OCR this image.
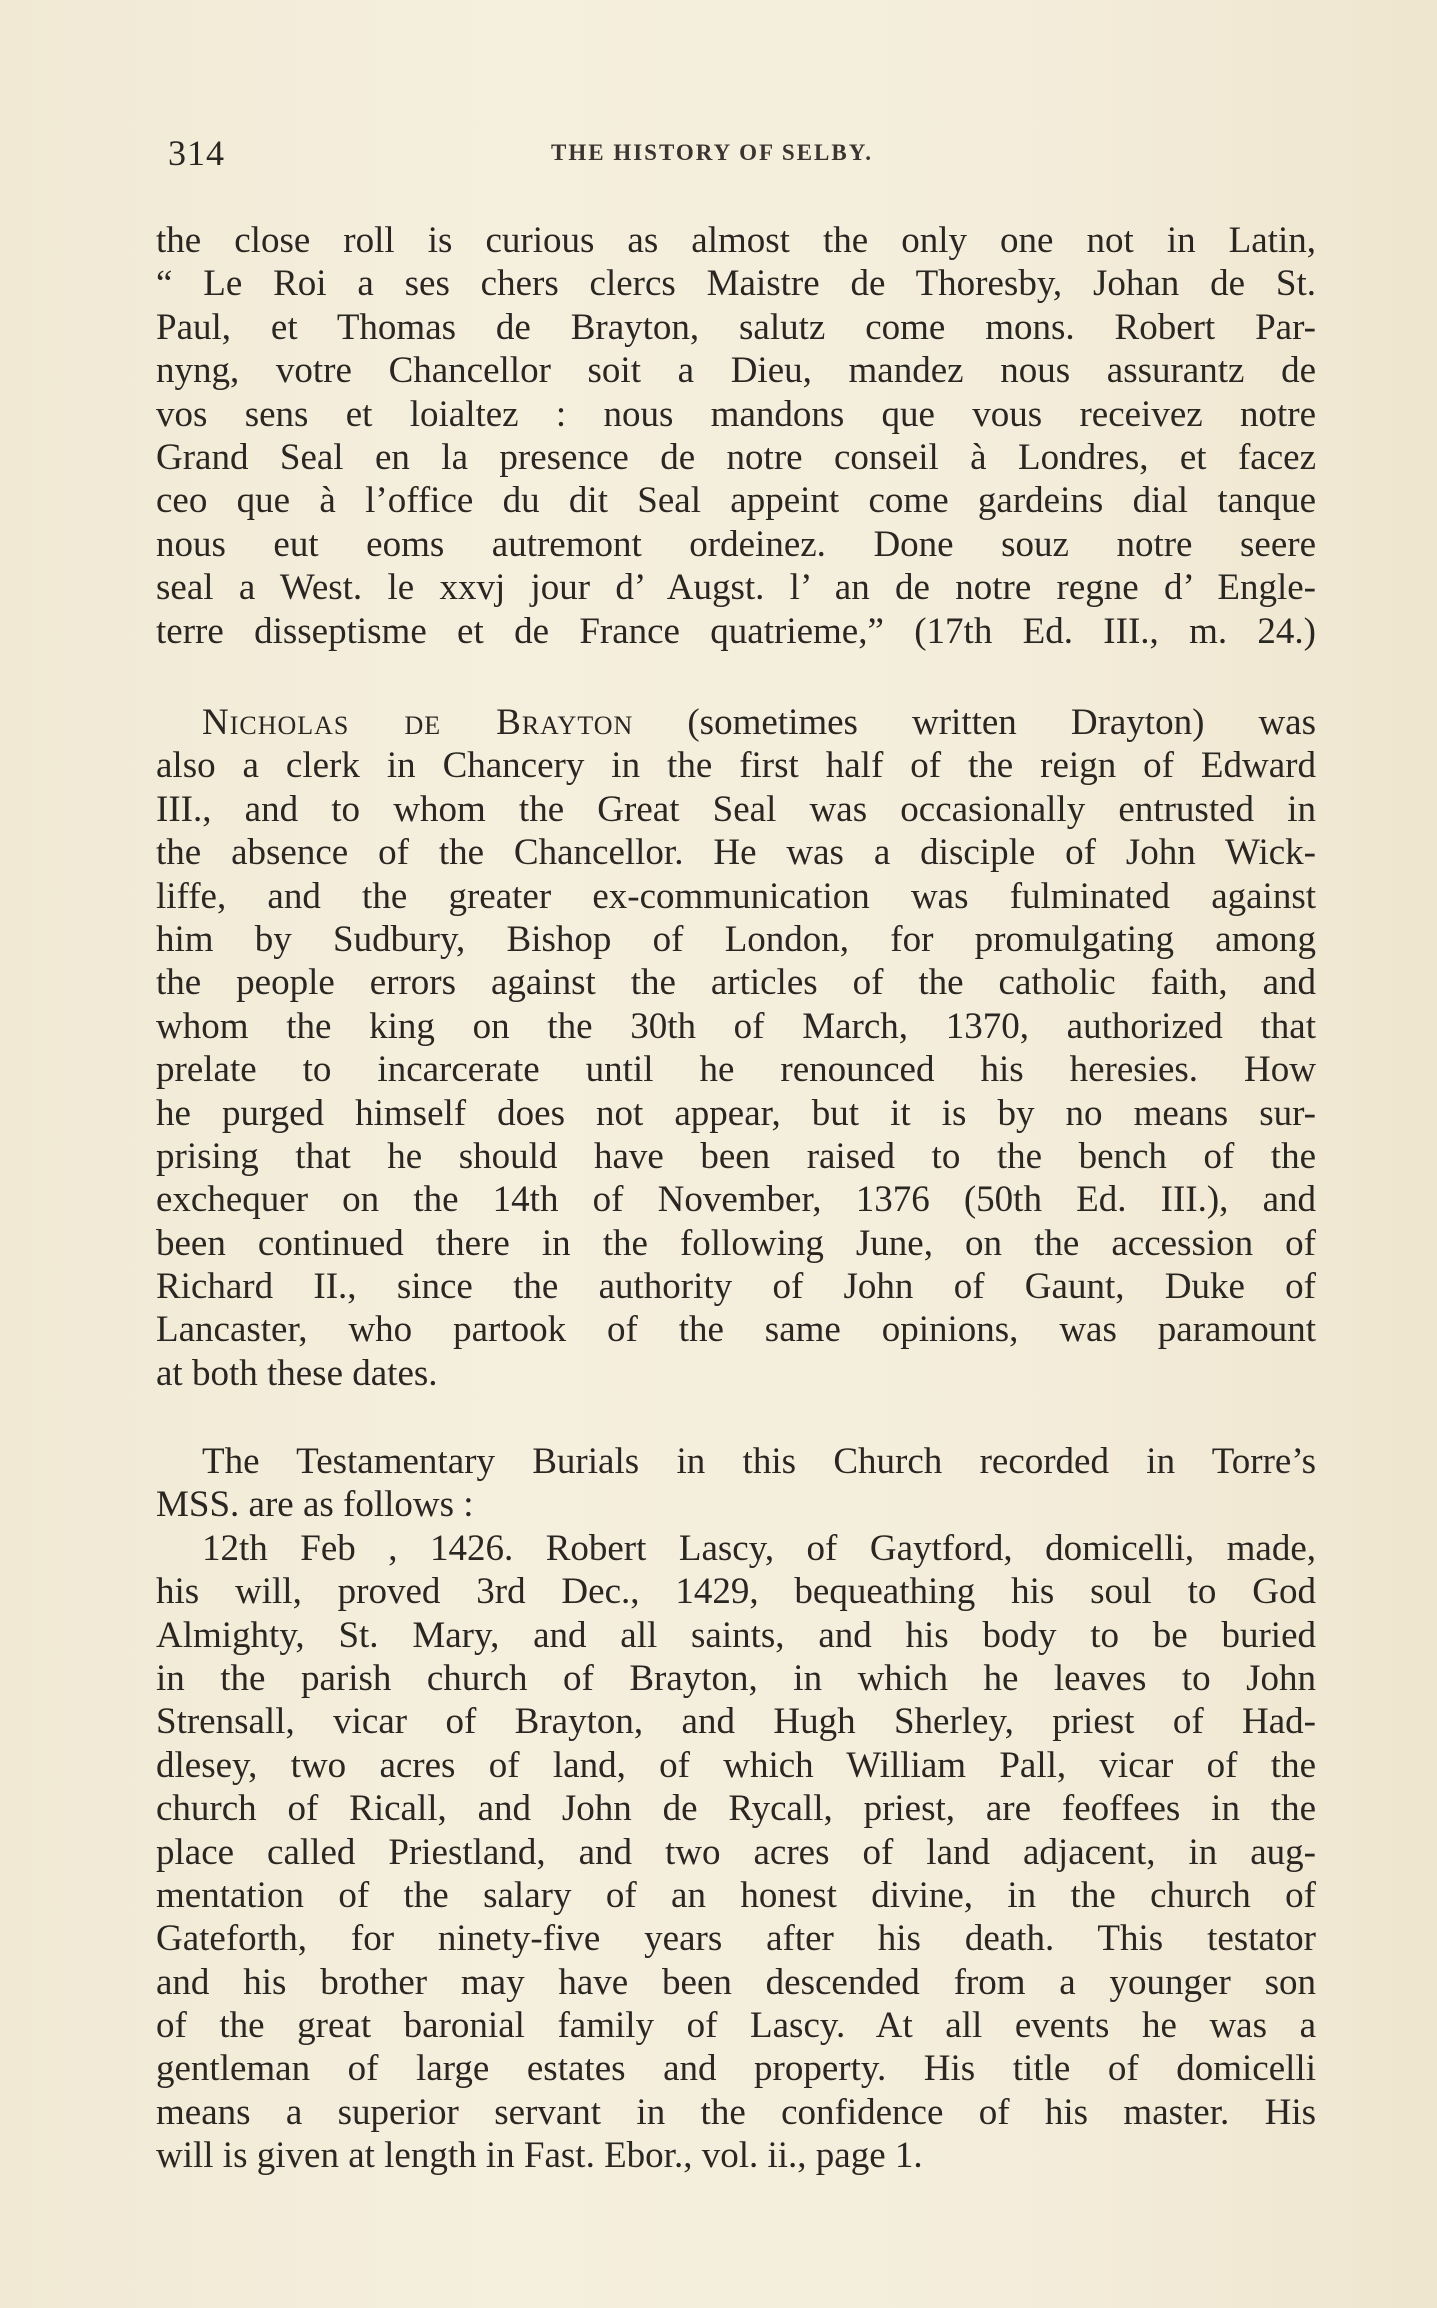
314	THE HISTORY OF SELBY.
the close roll is curious as almost the only one not in Latin,
“ Le Roi a ses chers clercs Maistre de Thoresby, Johan de St.
Paul, et Thomas de Brayton, salutz come mons. Robert Par-
nyng, votre Chancellor soit a Dieu, mandez nous assurantz de
vos sens et loialtez : nous mandons que vous receivez notre
Grand Seal en la presence de notre conseil à Londres, et facez
ceo que à l’office du dit Seal appeint come gardeins dial tanque
nous eut eoms autremont ordeinez. Done souz notre seere
seal a West. le xxvj jour d’ Augst. l’ an de notre regne d’ Engle-
terre disseptisme et de France quatrieme,” (17th Ed. III., m. 24.)
Nicholas de Brayton (sometimes written Drayton) was
also a clerk in Chancery in the first half of the reign of Edward
III., and to whom the Great Seal was occasionally entrusted in
the absence of the Chancellor. He was a disciple of John Wick-
liffe, and the greater ex-communication was fulminated against
him by Sudbury, Bishop of London, for promulgating among
the people errors against the articles of the catholic faith, and
whom the king on the 30th of March, 1370, authorized that
prelate to incarcerate until he renounced his heresies. How
he purged himself does not appear, but it is by no means sur-
prising that he should have been raised to the bench of the
exchequer on the 14th of November, 1376 (50th Ed. III.), and
been continued there in the following June, on the accession of
Richard II., since the authority of John of Gaunt, Duke of
Lancaster, who partook of the same opinions, was paramount
at both these dates.
The Testamentary Burials in this Church recorded in Torre’s
MSS. are as follows :
12th Feb , 1426. Robert Lascy, of Gaytford, domicelli, made,
his will, proved 3rd Dec., 1429, bequeathing his soul to God
Almighty, St. Mary, and all saints, and his body to be buried
in the parish church of Brayton, in which he leaves to John
Strensall, vicar of Brayton, and Hugh Sherley, priest of Had-
dlesey, two acres of land, of which William Pall, vicar of the
church of Ricall, and John de Rycall, priest, are feoffees in the
place called Priestland, and two acres of land adjacent, in aug-
mentation of the salary of an honest divine, in the church of
Gateforth, for ninety-five years after his death. This testator
and his brother may have been descended from a younger son
of the great baronial family of Lascy. At all events he was a
gentleman of large estates and property. His title of domicelli
means a superior servant in the confidence of his master. His
will is given at length in Fast. Ebor., vol. ii., page 1.
